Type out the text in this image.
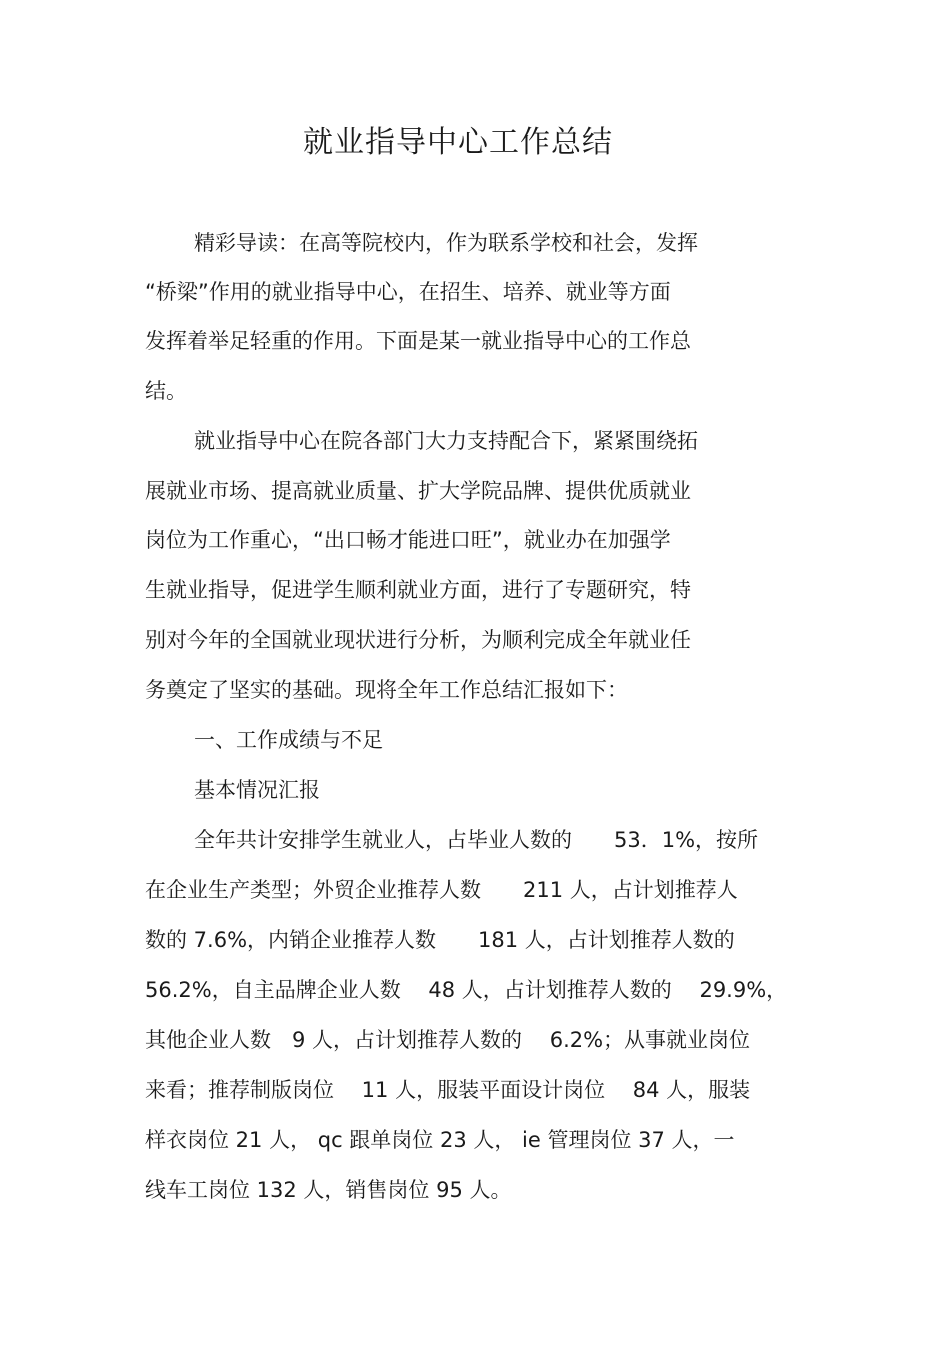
就业指导中心工作总结
精彩导读：在高等院校内，作为联系学校和社会，发挥
“桥梁”作用的就业指导中心，在招生、培养、就业等方面
发挥着举足轻重的作用。下面是某一就业指导中心的工作总
结。
就业指导中心在院各部门大力支持配合下，紧紧围绕拓
展就业市场、提高就业质量、扩大学院品牌、提供优质就业
岗位为工作重心，“出口畅才能进口旺”，就业办在加强学
生就业指导，促进学生顺利就业方面，进行了专题研究，特
别对今年的全国就业现状进行分析，为顺利完成全年就业任
务奠定了坚实的基础。现将全年工作总结汇报如下：
一、工作成绩与不足
基本情况汇报
全年共计安排学生就业人，占毕业人数的　　53．1%，按所
在企业生产类型；外贸企业推荐人数　　211 人，占计划推荐人
数的 7.6%，内销企业推荐人数　　181 人，占计划推荐人数的
56.2%，自主品牌企业人数　 48 人，占计划推荐人数的　 29.9%，
其他企业人数　9 人，占计划推荐人数的　 6.2%；从事就业岗位
来看；推荐制版岗位　 11 人，服装平面设计岗位　 84 人，服装
样衣岗位 21 人， qc 跟单岗位 23 人， ie 管理岗位 37 人，一
线车工岗位 132 人，销售岗位 95 人。
